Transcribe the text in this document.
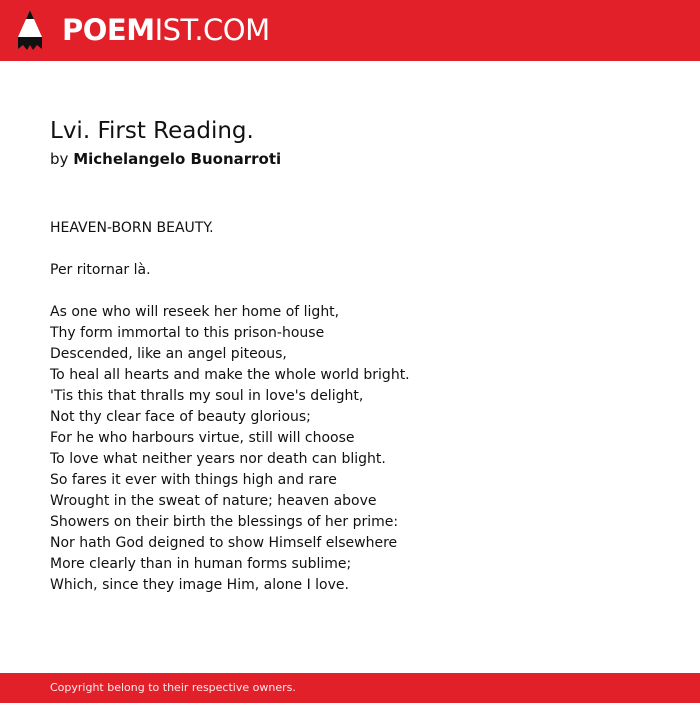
POEMIST.COM
Lvi. First Reading.
by Michelangelo Buonarroti
HEAVEN-BORN BEAUTY.
Per ritornar là.
As one who will reseek her home of light,
Thy form immortal to this prison-house
Descended, like an angel piteous,
To heal all hearts and make the whole world bright.
'Tis this that thralls my soul in love's delight,
Not thy clear face of beauty glorious;
For he who harbours virtue, still will choose
To love what neither years nor death can blight.
So fares it ever with things high and rare
Wrought in the sweat of nature; heaven above
Showers on their birth the blessings of her prime:
Nor hath God deigned to show Himself elsewhere
More clearly than in human forms sublime;
Which, since they image Him, alone I love.
Copyright belong to their respective owners.
